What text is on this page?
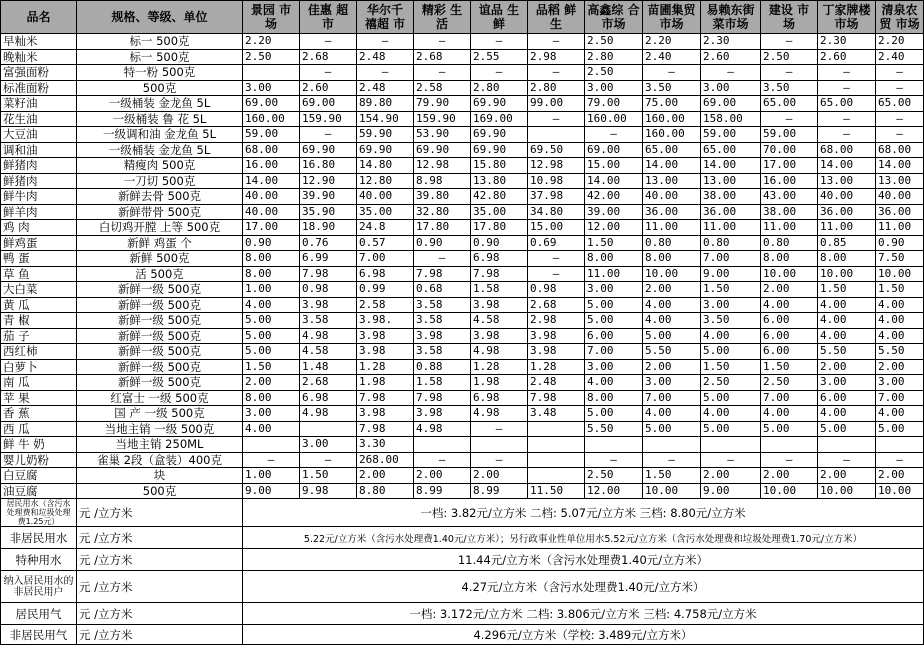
品名	规格、等级、单位	景园 市场	佳惠 超市	华尔千 禧超 市	精彩 生活	谊品 生鲜	品稻 鲜生	高鑫综 合市场	苗圃集贸 市场	易赖东街 菜市场	建设 市场	丁家牌楼 市场	清泉农贸 市场
早籼米	标一 500克	2.20	—	—	—	—	—	2.50	2.20	2.30	—	2.30	2.20
晚籼米	标一 500克	2.50	2.68	2.48	2.68	2.55	2.98	2.80	2.40	2.60	2.50	2.60	2.40
富强面粉	特一粉 500克		—	—	—	—	—	2.50	—	—	—	—	—
标准面粉	500克	3.00	2.60	2.48	2.58	2.80	2.80	3.00	3.50	3.00	3.50	—	—
菜籽油	一级桶装 金龙鱼 5L	69.00	69.00	89.80	79.90	69.90	99.00	79.00	75.00	69.00	65.00	65.00	65.00
花生油	一级桶装 鲁 花 5L	160.00	159.90	154.90	159.90	169.00	—	160.00	160.00	158.00	—	—	—
大豆油	一级调和油 金龙鱼 5L	59.00	—	59.90	53.90	69.90		—	160.00	59.00	59.00	—	—
调和油	一级桶装 金龙鱼 5L	68.00	69.90	69.90	69.90	69.90	69.50	69.00	65.00	65.00	70.00	68.00	68.00
鲜猪肉	精瘦肉 500克	16.00	16.80	14.80	12.98	15.80	12.98	15.00	14.00	14.00	17.00	14.00	14.00
鲜猪肉	一刀切 500克	14.00	12.90	12.80	8.98	13.80	10.98	14.00	13.00	13.00	16.00	13.00	13.00
鲜牛肉	新鲜去骨 500克	40.00	39.90	40.00	39.80	42.80	37.98	42.00	40.00	38.00	43.00	40.00	40.00
鲜羊肉	新鲜带骨 500克	40.00	35.90	35.00	32.80	35.00	34.80	39.00	36.00	36.00	38.00	36.00	36.00
鸡 肉	白切鸡开膛 上等 500克	17.00	18.90	24.8	17.80	17.80	15.00	12.00	11.00	11.00	11.00	11.00	11.00
鲜鸡蛋	新鲜 鸡蛋 个	0.90	0.76	0.57	0.90	0.90	0.69	1.50	0.80	0.80	0.80	0.85	0.90
鸭 蛋	新鲜 500克	8.00	6.99	7.00	—	6.98	—	8.00	8.00	7.00	8.00	8.00	7.50
草 鱼	活 500克	8.00	7.98	6.98	7.98	7.98	—	11.00	10.00	9.00	10.00	10.00	10.00
大白菜	新鲜一级 500克	1.00	0.98	0.99	0.68	1.58	0.98	3.00	2.00	1.50	2.00	1.50	1.50
黄 瓜	新鲜一级 500克	4.00	3.98	2.58	3.58	3.98	2.68	5.00	4.00	3.00	4.00	4.00	4.00
青 椒	新鲜一级 500克	5.00	3.58	3.98.	3.58	4.58	2.98	5.00	4.00	3.50	6.00	4.00	4.00
茄 子	新鲜一级 500克	5.00	4.98	3.98	3.98	3.98	3.98	6.00	5.00	4.00	6.00	4.00	4.00
西红柿	新鲜一级 500克	5.00	4.58	3.98	3.58	4.98	3.98	7.00	5.50	5.00	6.00	5.50	5.50
白萝卜	新鲜一级 500克	1.50	1.48	1.28	0.88	1.28	1.28	3.00	2.00	1.50	1.50	2.00	2.00
南 瓜	新鲜一级 500克	2.00	2.68	1.98	1.58	1.98	2.48	4.00	3.00	2.50	2.50	3.00	3.00
苹 果	红富士 一级 500克	8.00	6.98	7.98	7.98	6.98	7.98	8.00	7.00	5.00	7.00	6.00	7.00
香 蕉	国 产 一级 500克	3.00	4.98	3.98	3.98	4.98	3.48	5.00	4.00	4.00	4.00	4.00	4.00
西 瓜	当地主销 一级 500克	4.00		7.98	4.98	—		5.50	5.00	5.00	5.00	5.00	5.00
鲜 牛 奶	当地主销 250ML		3.00	3.30									
婴儿奶粉	雀巢 2段（盒装）400克	—	—	268.00	—	—		—	—	—	—	—	—
白豆腐	块	1.00	1.50	2.00	2.00	2.00		2.50	1.50	2.00	2.00	2.00	2.00
油豆腐	500克	9.00	9.98	8.80	8.99	8.99	11.50	12.00	10.00	9.00	10.00	10.00	10.00
居民用水（含污水处理费和垃圾处理费1.25元）	元 /立方米	一档: 3.82元/立方米 二档: 5.07元/立方米 三档: 8.80元/立方米											
非居民用水	元 /立方米	5.22元/立方米（含污水处理费1.40元/立方米）；另行政事业性单位用水5.52元/立方米（含污水处理费和垃圾处理费1.70元/立方米）											
特种用水	元 /立方米	11.44元/立方米（含污水处理费1.40元/立方米）											
纳入居民用水的非居民用户	元 /立方米	4.27元/立方米（含污水处理费1.40元/立方米）											
居民用气	元 /立方米	一档: 3.172元/立方米 二档: 3.806元/立方米 三档: 4.758元/立方米											
非居民用气	元 /立方米	4.296元/立方米（学校: 3.489元/立方米）											
